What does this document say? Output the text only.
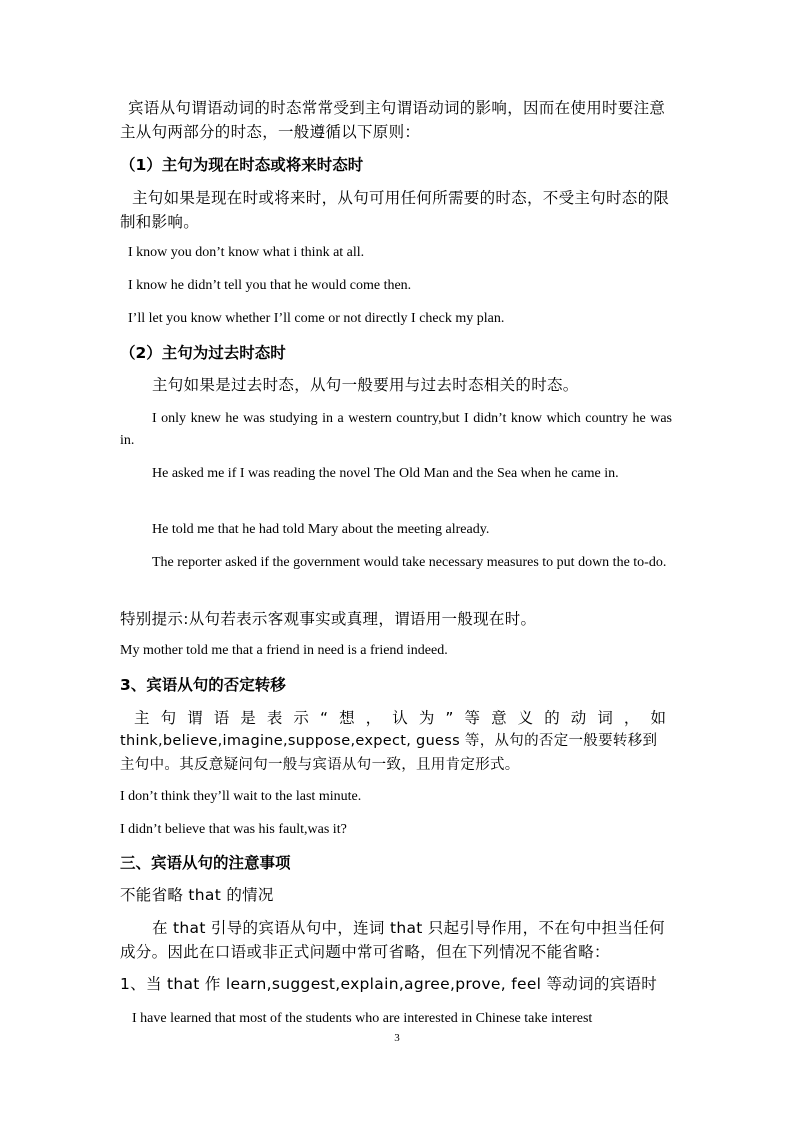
宾语从句谓语动词的时态常常受到主句谓语动词的影响，因而在使用时要注意主从句两部分的时态，一般遵循以下原则：

（1）主句为现在时态或将来时态时

主句如果是现在时或将来时，从句可用任何所需要的时态，不受主句时态的限制和影响。

I know you don’t know what i think at all.

I know he didn’t tell you that he would come then.

I’ll let you know whether I’ll come or not directly I check my plan.

（2）主句为过去时态时

主句如果是过去时态，从句一般要用与过去时态相关的时态。

I only knew he was studying in a western country,but I didn’t know which country he was in.

He asked me if I was reading the novel The Old Man and the Sea when he came in.

He told me that he had told Mary about the meeting already.

The reporter asked if the government would take necessary measures to put down the to-do.

特别提示:从句若表示客观事实或真理，谓语用一般现在时。

My mother told me that a friend in need is a friend indeed.

3、宾语从句的否定转移

主句谓语是表示“想，认为”等意义的动词，如

think,believe,imagine,suppose,expect, guess 等，从句的否定一般要转移到主句中。其反意疑问句一般与宾语从句一致，且用肯定形式。

I don’t think they’ll wait to the last minute.

I didn’t believe that was his fault,was it?

三、宾语从句的注意事项

不能省略 that 的情况

在 that 引导的宾语从句中，连词 that 只起引导作用，不在句中担当任何成分。因此在口语或非正式问题中常可省略，但在下列情况不能省略：

1、当 that 作 learn,suggest,explain,agree,prove, feel 等动词的宾语时

I have learned that most of the students who are interested in Chinese take interest

3
